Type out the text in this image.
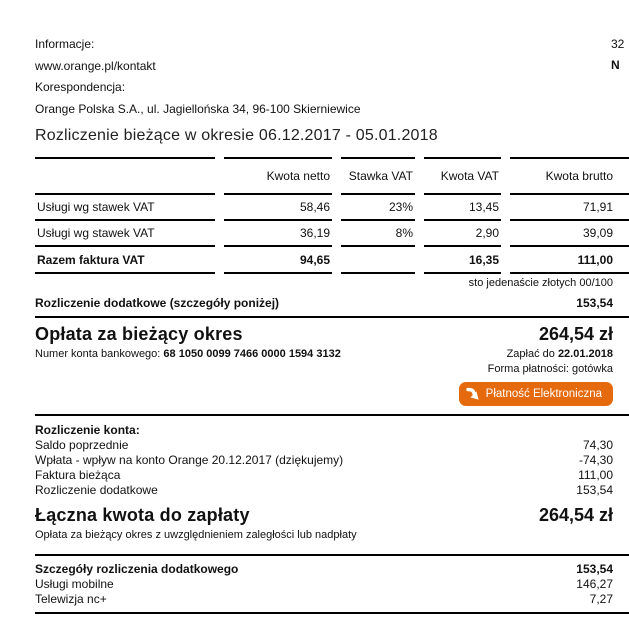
32
N
Informacje:
www.orange.pl/kontakt
Korespondencja:
Orange Polska S.A., ul. Jagiellońska 34, 96-100 Skierniewice
Rozliczenie bieżące w okresie 06.12.2017 - 05.01.2018
	Kwota netto	Stawka VAT	Kwota VAT	Kwota brutto
Usługi wg stawek VAT	58,46	23%	13,45	71,91
Usługi wg stawek VAT	36,19	8%	2,90	39,09
Razem faktura VAT	94,65		16,35	111,00
sto jedenaście złotych 00/100
Rozliczenie dodatkowe (szczegóły poniżej)	153,54
Opłata za bieżący okres
Numer konta bankowego: 68 1050 0099 7466 0000 1594 3132
264,54 zł
Zapłać do 22.01.2018
Forma płatności: gotówka
Płatność Elektroniczna
Rozliczenie konta:
Saldo poprzednie	74,30
Wpłata - wpływ na konto Orange 20.12.2017 (dziękujemy)	-74,30
Faktura bieżąca	111,00
Rozliczenie dodatkowe	153,54
Łączna kwota do zapłaty	264,54 zł
Opłata za bieżący okres z uwzględnieniem zaległości lub nadpłaty
Szczegóły rozliczenia dodatkowego	153,54
Usługi mobilne	146,27
Telewizja nc+	7,27
